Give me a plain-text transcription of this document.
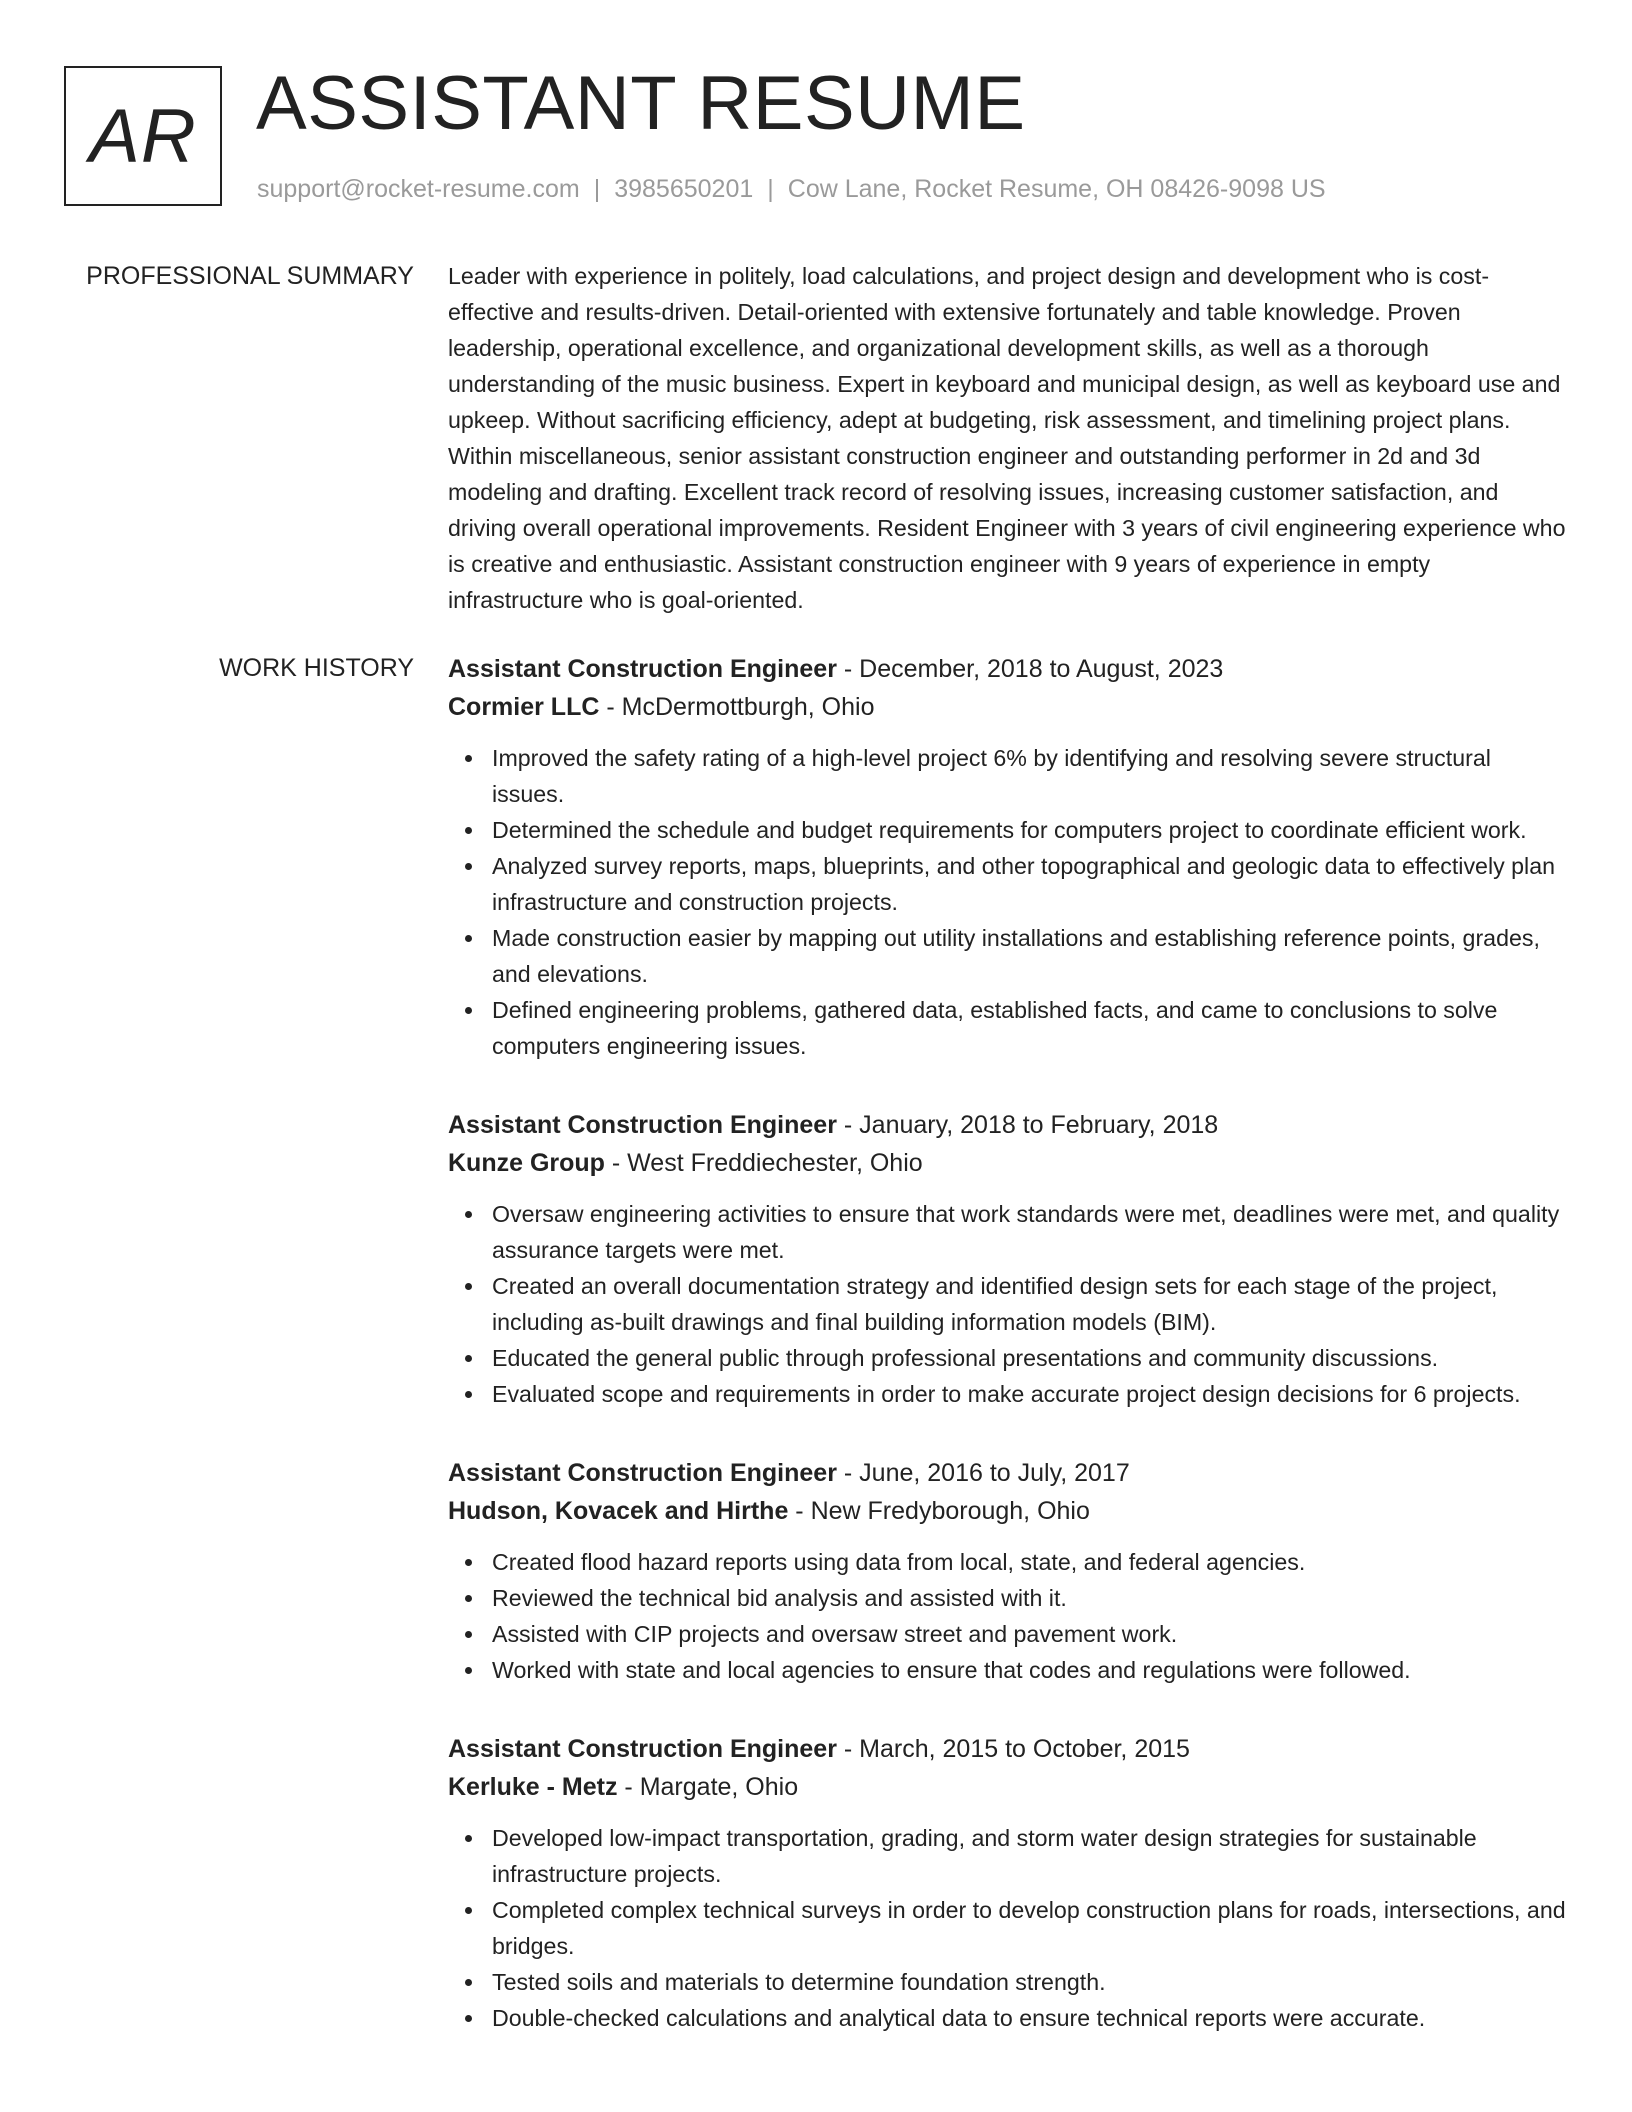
AR ASSISTANT RESUME
support@rocket-resume.com | 3985650201 | Cow Lane, Rocket Resume, OH 08426-9098 US
PROFESSIONAL SUMMARY Leader with experience in politely, load calculations, and project design and development who is cost-effective and results-driven. Detail-oriented with extensive fortunately and table knowledge. Proven leadership, operational excellence, and organizational development skills, as well as a thorough understanding of the music business. Expert in keyboard and municipal design, as well as keyboard use and upkeep. Without sacrificing efficiency, adept at budgeting, risk assessment, and timelining project plans. Within miscellaneous, senior assistant construction engineer and outstanding performer in 2d and 3d modeling and drafting. Excellent track record of resolving issues, increasing customer satisfaction, and driving overall operational improvements. Resident Engineer with 3 years of civil engineering experience who is creative and enthusiastic. Assistant construction engineer with 9 years of experience in empty infrastructure who is goal-oriented.

WORK HISTORY Assistant Construction Engineer - December, 2018 to August, 2023
Cormier LLC - McDermottburgh, Ohio
Improved the safety rating of a high-level project 6% by identifying and resolving severe structural issues.
Determined the schedule and budget requirements for computers project to coordinate efficient work.
Analyzed survey reports, maps, blueprints, and other topographical and geologic data to effectively plan infrastructure and construction projects.
Made construction easier by mapping out utility installations and establishing reference points, grades, and elevations.
Defined engineering problems, gathered data, established facts, and came to conclusions to solve computers engineering issues.
Assistant Construction Engineer - January, 2018 to February, 2018
Kunze Group - West Freddiechester, Ohio
Oversaw engineering activities to ensure that work standards were met, deadlines were met, and quality assurance targets were met.
Created an overall documentation strategy and identified design sets for each stage of the project, including as-built drawings and final building information models (BIM).
Educated the general public through professional presentations and community discussions.
Evaluated scope and requirements in order to make accurate project design decisions for 6 projects.
Assistant Construction Engineer - June, 2016 to July, 2017
Hudson, Kovacek and Hirthe - New Fredyborough, Ohio
Created flood hazard reports using data from local, state, and federal agencies.
Reviewed the technical bid analysis and assisted with it.
Assisted with CIP projects and oversaw street and pavement work.
Worked with state and local agencies to ensure that codes and regulations were followed.
Assistant Construction Engineer - March, 2015 to October, 2015
Kerluke - Metz - Margate, Ohio
Developed low-impact transportation, grading, and storm water design strategies for sustainable infrastructure projects.
Completed complex technical surveys in order to develop construction plans for roads, intersections, and bridges.
Tested soils and materials to determine foundation strength.
Double-checked calculations and analytical data to ensure technical reports were accurate.
